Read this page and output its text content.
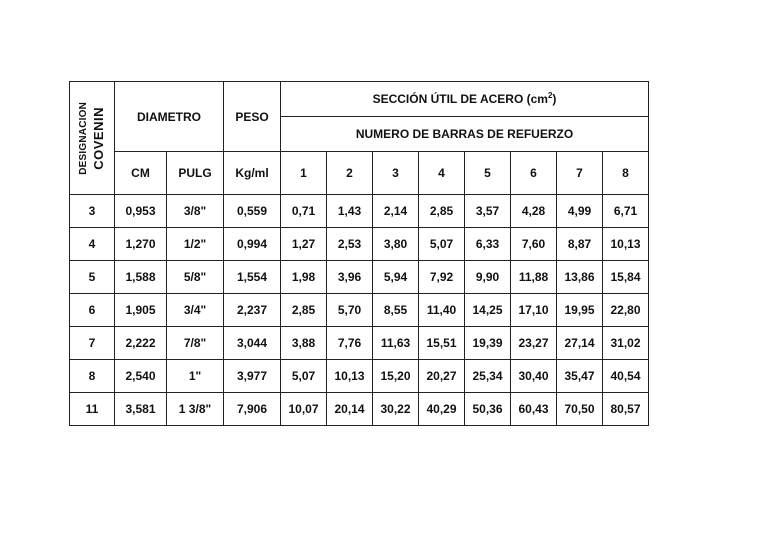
DESIGNACION COVENIN	DIAMETRO		PESO	SECCIÓN ÚTIL DE ACERO $(cm^2)$							
				NUMERO DE BARRAS DE REFUERZO							
	CM	PULG	Kg/ml	1	2	3	4	5	6	7	8
3	0,953	3/8"	0,559	0,71	1,43	2,14	2,85	3,57	4,28	4,99	6,71
4	1,270	1/2"	0,994	1,27	2,53	3,80	5,07	6,33	7,60	8,87	10,13
5	1,588	5/8"	1,554	1,98	3,96	5,94	7,92	9,90	11,88	13,86	15,84
6	1,905	3/4"	2,237	2,85	5,70	8,55	11,40	14,25	17,10	19,95	22,80
7	2,222	7/8"	3,044	3,88	7,76	11,63	15,51	19,39	23,27	27,14	31,02
8	2,540	1"	3,977	5,07	10,13	15,20	20,27	25,34	30,40	35,47	40,54
11	3,581	1 3/8"	7,906	10,07	20,14	30,22	40,29	50,36	60,43	70,50	80,57
